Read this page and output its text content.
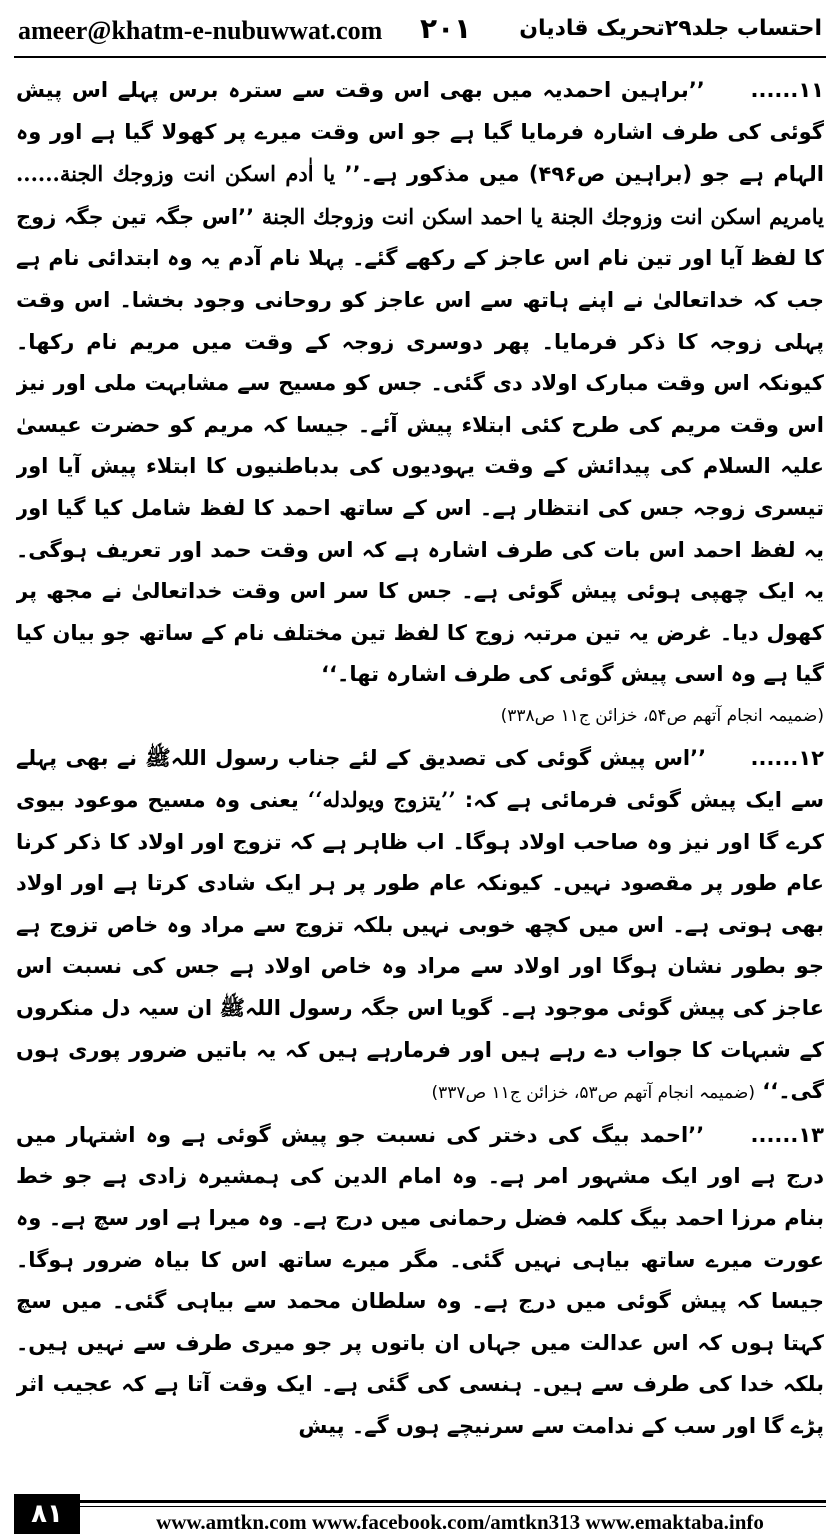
ameer@khatm-e-nubuwwat.com ۲۰۱ احتساب جلد۲۹تحریک قادیان

۱۱...... ’’براہین احمدیہ میں بھی اس وقت سے سترہ برس پہلے اس پیش گوئی کی طرف اشارہ فرمایا گیا ہے جو اس وقت میرے پر کھولا گیا ہے اور وہ الہام ہے جو (براہین ص۴۹۶) میں مذکور ہے۔’’ یا اٰدم اسکن انت وزوجك الجنة...... یامریم اسکن انت وزوجك الجنة یا احمد اسکن انت وزوجك الجنة ’’اس جگہ تین جگہ زوج کا لفظ آیا اور تین نام اس عاجز کے رکھے گئے۔ پہلا نام آدم یہ وہ ابتدائی نام ہے جب کہ خداتعالیٰ نے اپنے ہاتھ سے اس عاجز کو روحانی وجود بخشا۔ اس وقت پہلی زوجہ کا ذکر فرمایا۔ پھر دوسری زوجہ کے وقت میں مریم نام رکھا۔ کیونکہ اس وقت مبارک اولاد دی گئی۔ جس کو مسیح سے مشابہت ملی اور نیز اس وقت مریم کی طرح کئی ابتلاء پیش آئے۔ جیسا کہ مریم کو حضرت عیسیٰ علیہ السلام کی پیدائش کے وقت یہودیوں کی بدباطنیوں کا ابتلاء پیش آیا اور تیسری زوجہ جس کی انتظار ہے۔ اس کے ساتھ احمد کا لفظ شامل کیا گیا اور یہ لفظ احمد اس بات کی طرف اشارہ ہے کہ اس وقت حمد اور تعریف ہوگی۔ یہ ایک چھپی ہوئی پیش گوئی ہے۔ جس کا سر اس وقت خداتعالیٰ نے مجھ پر کھول دیا۔ غرض یہ تین مرتبہ زوج کا لفظ تین مختلف نام کے ساتھ جو بیان کیا گیا ہے وہ اسی پیش گوئی کی طرف اشارہ تھا۔‘‘

(ضمیمہ انجام آتھم ص۵۴، خزائن ج۱۱ ص۳۳۸)

۱۲...... ’’اس پیش گوئی کی تصدیق کے لئے جناب رسول اللہﷺ نے بھی پہلے سے ایک پیش گوئی فرمائی ہے کہ: ’’یتزوج ویولدله‘‘ یعنی وہ مسیح موعود بیوی کرے گا اور نیز وہ صاحب اولاد ہوگا۔ اب ظاہر ہے کہ تزوج اور اولاد کا ذکر کرنا عام طور پر مقصود نہیں۔ کیونکہ عام طور پر ہر ایک شادی کرتا ہے اور اولاد بھی ہوتی ہے۔ اس میں کچھ خوبی نہیں بلکہ تزوج سے مراد وہ خاص تزوج ہے جو بطور نشان ہوگا اور اولاد سے مراد وہ خاص اولاد ہے جس کی نسبت اس عاجز کی پیش گوئی موجود ہے۔ گویا اس جگہ رسول اللہﷺ ان سیہ دل منکروں کے شبہات کا جواب دے رہے ہیں اور فرمارہے ہیں کہ یہ باتیں ضرور پوری ہوں گی۔‘‘ (ضمیمہ انجام آتھم ص۵۳، خزائن ج۱۱ ص۳۳۷)

۱۳...... ’’احمد بیگ کی دختر کی نسبت جو پیش گوئی ہے وہ اشتہار میں درج ہے اور ایک مشہور امر ہے۔ وہ امام الدین کی ہمشیرہ زادی ہے جو خط بنام مرزا احمد بیگ کلمہ فضل رحمانی میں درج ہے۔ وہ میرا ہے اور سچ ہے۔ وہ عورت میرے ساتھ بیاہی نہیں گئی۔ مگر میرے ساتھ اس کا بیاہ ضرور ہوگا۔ جیسا کہ پیش گوئی میں درج ہے۔ وہ سلطان محمد سے بیاہی گئی۔ میں سچ کہتا ہوں کہ اس عدالت میں جہاں ان باتوں پر جو میری طرف سے نہیں ہیں۔ بلکہ خدا کی طرف سے ہیں۔ ہنسی کی گئی ہے۔ ایک وقت آتا ہے کہ عجیب اثر پڑے گا اور سب کے ندامت سے سرنیچے ہوں گے۔ پیش

۸۱	www.amtkn.com www.facebook.com/amtkn313 www.emaktaba.info
